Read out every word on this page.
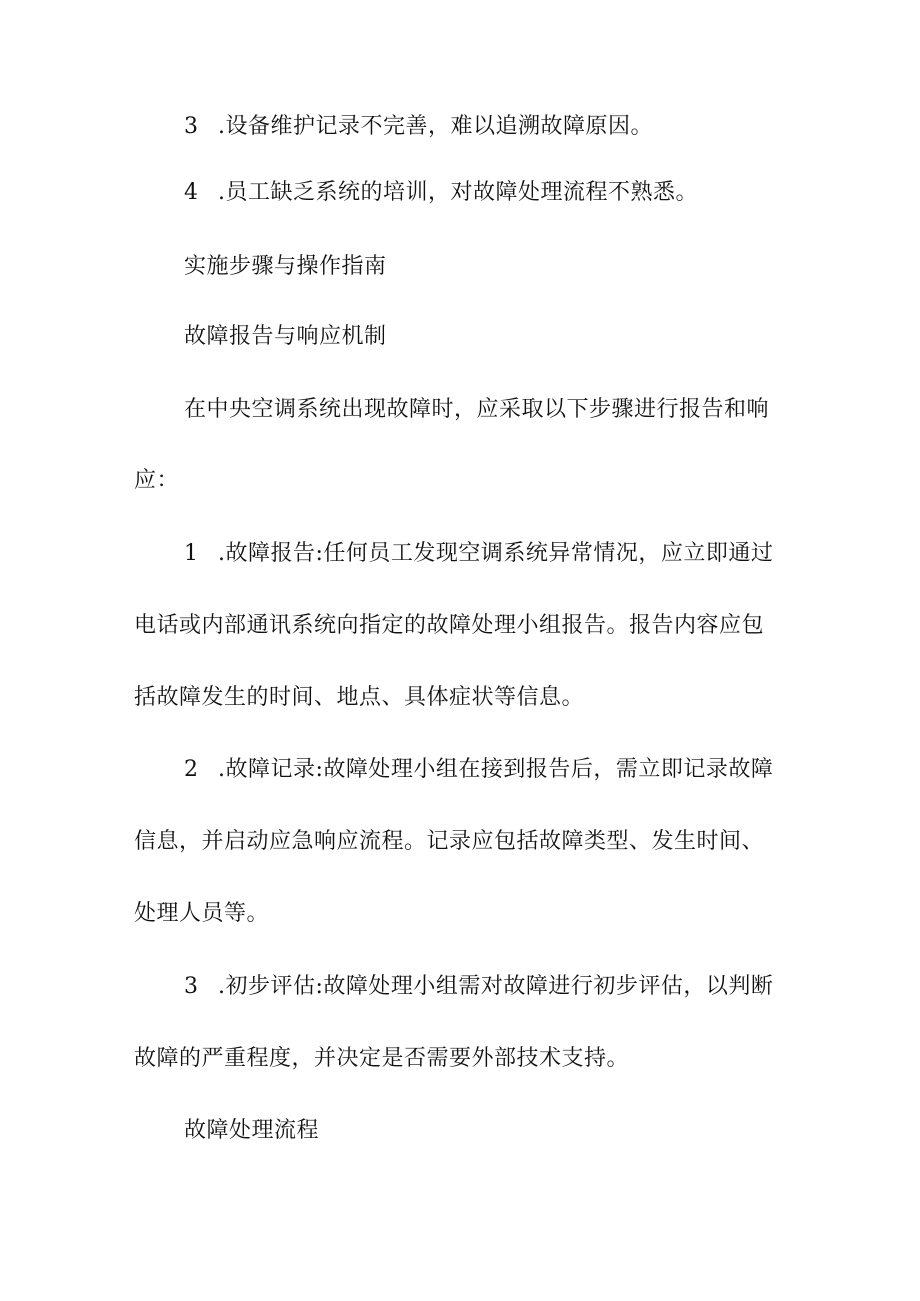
3 .设备维护记录不完善，难以追溯故障原因。
4 .员工缺乏系统的培训，对故障处理流程不熟悉。
实施步骤与操作指南
故障报告与响应机制
在中央空调系统出现故障时，应采取以下步骤进行报告和响
应：
1 .故障报告:任何员工发现空调系统异常情况，应立即通过
电话或内部通讯系统向指定的故障处理小组报告。报告内容应包
括故障发生的时间、地点、具体症状等信息。
2 .故障记录:故障处理小组在接到报告后，需立即记录故障
信息，并启动应急响应流程。记录应包括故障类型、发生时间、
处理人员等。
3 .初步评估:故障处理小组需对故障进行初步评估，以判断
故障的严重程度，并决定是否需要外部技术支持。
故障处理流程
